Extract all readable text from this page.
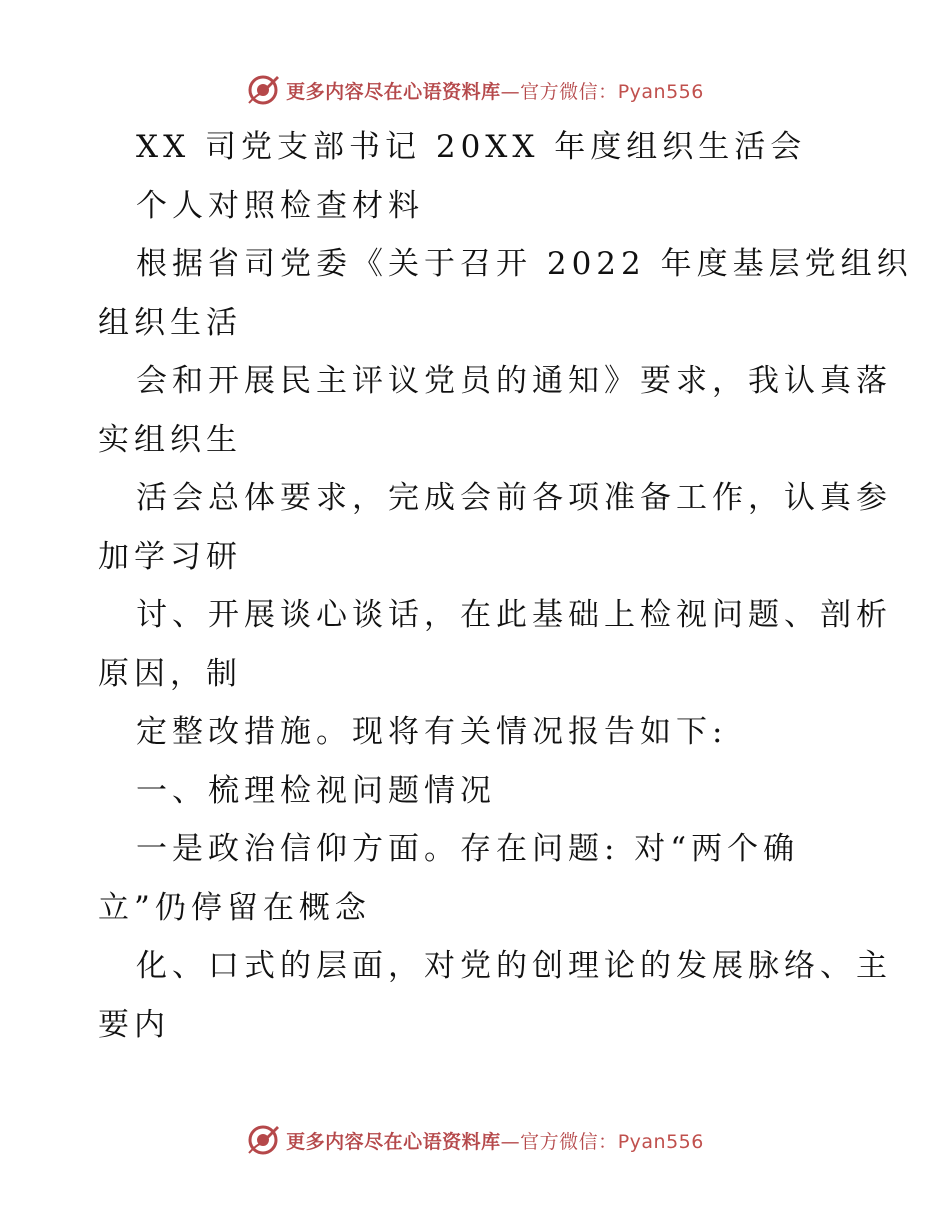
更多内容尽在心语资料库—官方微信：Pyan556
XX 司党支部书记 20XX 年度组织生活会
个人对照检查材料
根据省司党委《关于召开 2022 年度基层党组织
组织生活
会和开展民主评议党员的通知》要求，我认真落
实组织生
活会总体要求，完成会前各项准备工作，认真参
加学习研
讨、开展谈心谈话，在此基础上检视问题、剖析
原因，制
定整改措施。现将有关情况报告如下:
一、梳理检视问题情况
一是政治信仰方面。存在问题: 对“两个确
立”仍停留在概念
化、口式的层面，对党的创理论的发展脉络、主
要内
更多内容尽在心语资料库—官方微信：Pyan556
